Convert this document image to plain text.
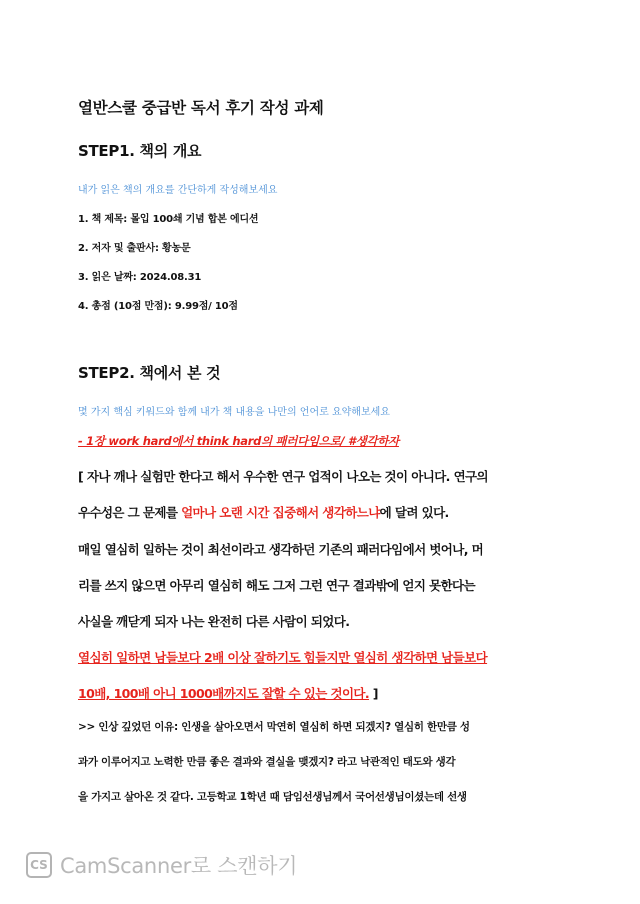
열반스쿨 중급반 독서 후기 작성 과제
STEP1. 책의 개요
내가 읽은 책의 개요를 간단하게 작성해보세요
1. 책 제목: 몰입 100쇄 기념 합본 에디션
2. 저자 및 출판사: 황농문
3. 읽은 날짜: 2024.08.31
4. 총점 (10점 만점): 9.99점/ 10점
STEP2. 책에서 본 것
몇 가지 핵심 키워드와 함께 내가 책 내용을 나만의 언어로 요약해보세요
- 1장 work hard에서 think hard의 패러다임으로/ #생각하자
[ 자나 깨나 실험만 한다고 해서 우수한 연구 업적이 나오는 것이 아니다. 연구의
우수성은 그 문제를 얼마나 오랜 시간 집중해서 생각하느냐에 달려 있다.
매일 열심히 일하는 것이 최선이라고 생각하던 기존의 패러다임에서 벗어나, 머
리를 쓰지 않으면 아무리 열심히 해도 그저 그런 연구 결과밖에 얻지 못한다는
사실을 깨닫게 되자 나는 완전히 다른 사람이 되었다.
열심히 일하면 남들보다 2배 이상 잘하기도 힘들지만 열심히 생각하면 남들보다
10배, 100배 아니 1000배까지도 잘할 수 있는 것이다. ]
>> 인상 깊었던 이유: 인생을 살아오면서 막연히 열심히 하면 되겠지? 열심히 한만큼 성
과가 이루어지고 노력한 만큼 좋은 결과와 결실을 맺겠지? 라고 낙관적인 태도와 생각
을 가지고 살아온 것 같다. 고등학교 1학년 때 담임선생님께서 국어선생님이셨는데 선생
CS CamScanner로 스캔하기
